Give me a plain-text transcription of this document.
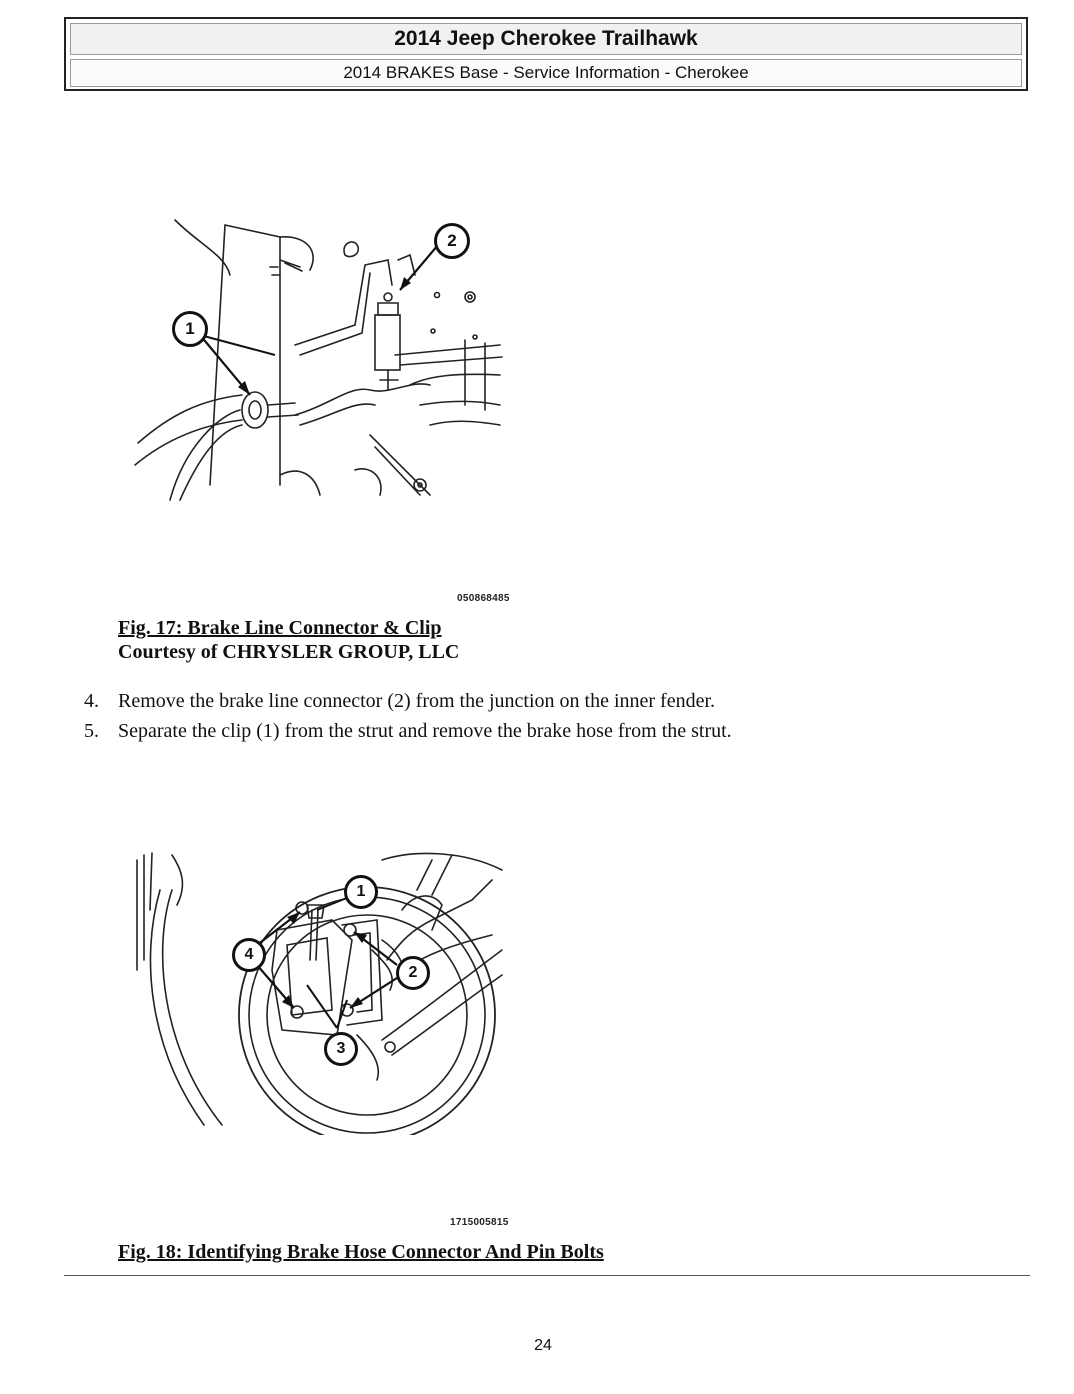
2014 Jeep Cherokee Trailhawk
2014 BRAKES Base - Service Information - Cherokee
1
2
050868485
Fig. 17: Brake Line Connector & Clip
Courtesy of CHRYSLER GROUP, LLC
4. Remove the brake line connector (2) from the junction on the inner fender.
5. Separate the clip (1) from the strut and remove the brake hose from the strut.
1
2
3
4
1715005815
Fig. 18: Identifying Brake Hose Connector And Pin Bolts
24
